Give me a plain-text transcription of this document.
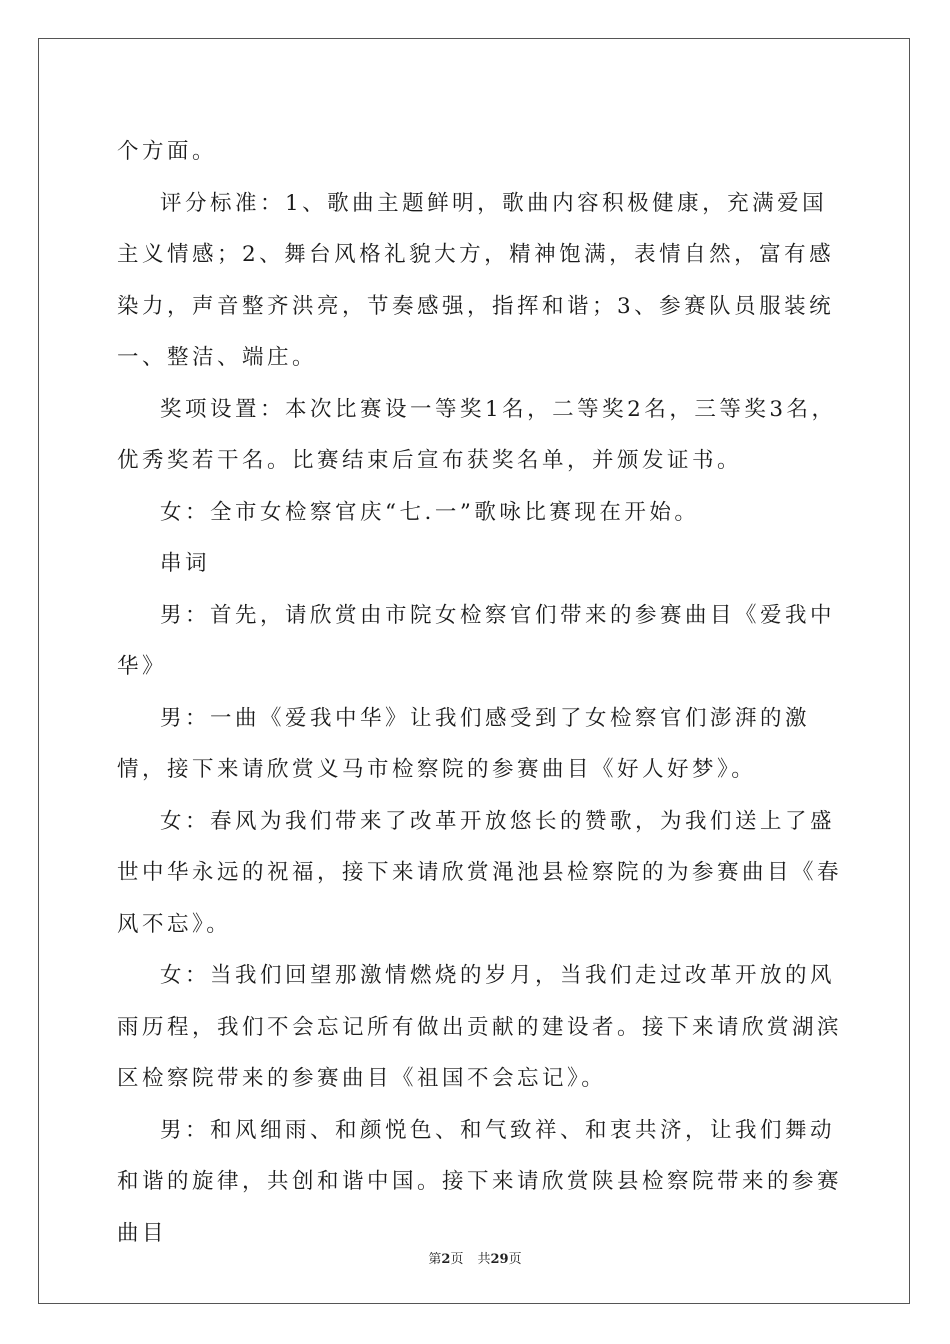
个方面。

评分标准：1、歌曲主题鲜明，歌曲内容积极健康，充满爱国主义情感；2、舞台风格礼貌大方，精神饱满，表情自然，富有感染力，声音整齐洪亮，节奏感强，指挥和谐；3、参赛队员服装统一、整洁、端庄。

奖项设置：本次比赛设一等奖1名，二等奖2名，三等奖3名，优秀奖若干名。比赛结束后宣布获奖名单，并颁发证书。

女：全市女检察官庆“七.一”歌咏比赛现在开始。

串词

男：首先，请欣赏由市院女检察官们带来的参赛曲目《爱我中华》

男：一曲《爱我中华》让我们感受到了女检察官们澎湃的激情，接下来请欣赏义马市检察院的参赛曲目《好人好梦》。

女：春风为我们带来了改革开放悠长的赞歌，为我们送上了盛世中华永远的祝福，接下来请欣赏渑池县检察院的为参赛曲目《春风不忘》。

女：当我们回望那激情燃烧的岁月，当我们走过改革开放的风雨历程，我们不会忘记所有做出贡献的建设者。接下来请欣赏湖滨区检察院带来的参赛曲目《祖国不会忘记》。

男：和风细雨、和颜悦色、和气致祥、和衷共济，让我们舞动和谐的旋律，共创和谐中国。接下来请欣赏陕县检察院带来的参赛曲目

第2页 共29页
